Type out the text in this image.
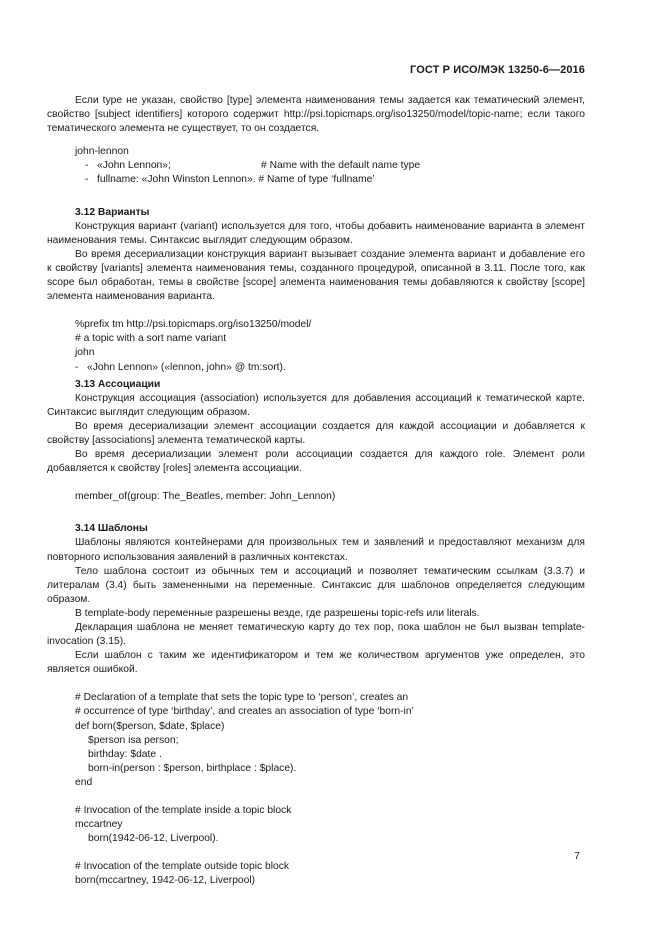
ГОСТ Р ИСО/МЭК 13250-6—2016

Если type не указан, свойство [type] элемента наименования темы задается как тематический элемент, свойство [subject identifiers] которого содержит http://psi.topicmaps.org/iso13250/model/topic-name; если такого тематического элемента не существует, то он создается.

john-lennon
-   «John Lennon»;	# Name with the default name type
-   fullname: «John Winston Lennon». # Name of type ‘fullname’

3.12 Варианты

Конструкция вариант (variant) используется для того, чтобы добавить наименование варианта в элемент наименования темы. Синтаксис выглядит следующим образом.

Во время десериализации конструкция вариант вызывает создание элемента вариант и добавление его к свойству [variants] элемента наименования темы, созданного процедурой, описанной в 3.11. После того, как scope был обработан, темы в свойстве [scope] элемента наименования темы добавляются к свойству [scope] элемента наименования варианта.

%prefix tm http://psi.topicmaps.org/iso13250/model/
# a topic with a sort name variant
john
-   «John Lennon» («lennon, john» @ tm:sort).

3.13 Ассоциации

Конструкция ассоциация (association) используется для добавления ассоциаций к тематической карте. Синтаксис выглядит следующим образом.

Во время десериализации элемент ассоциации создается для каждой ассоциации и добавляется к свойству [associations] элемента тематической карты.

Во время десериализации элемент роли ассоциации создается для каждого role. Элемент роли добавляется к свойству [roles] элемента ассоциации.

member_of(group: The_Beatles, member: John_Lennon)

3.14 Шаблоны

Шаблоны являются контейнерами для произвольных тем и заявлений и предоставляют механизм для повторного использования заявлений в различных контекстах.

Тело шаблона состоит из обычных тем и ассоциаций и позволяет тематическим ссылкам (3.3.7) и литералам (3.4) быть замененными на переменные. Синтаксис для шаблонов определяется следующим образом.

В template-body переменные разрешены везде, где разрешены topic-refs или literals.

Декларация шаблона не меняет тематическую карту до тех пор, пока шаблон не был вызван template-invocation (3.15).

Если шаблон с таким же идентификатором и тем же количеством аргументов уже определен, это является ошибкой.

# Declaration of a template that sets the topic type to ‘person’, creates an
# occurrence of type ‘birthday’, and creates an association of type ‘born-in’
def born($person, $date, $place)
$person isa person;
birthday: $date .
born-in(person : $person, birthplace : $place).
end
# Invocation of the template inside a topic block
mccartney
born(1942-06-12, Liverpool).
# Invocation of the template outside topic block
born(mccartney, 1942-06-12, Liverpool)
7
